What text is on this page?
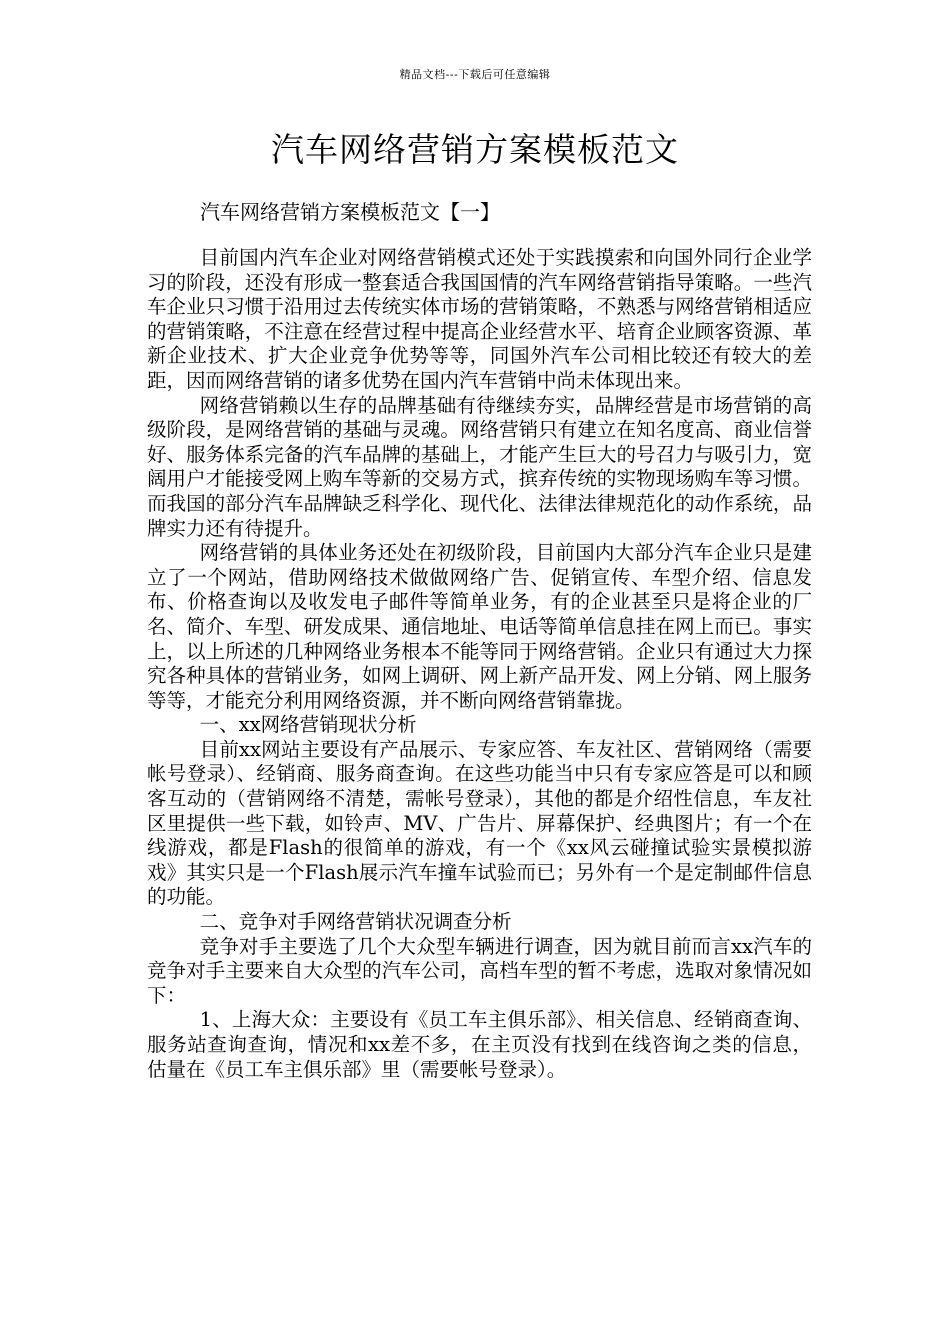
精品文档---下载后可任意编辑
汽车网络营销方案模板范文
汽车网络营销方案模板范文【一】

目前国内汽车企业对网络营销模式还处于实践摸索和向国外同行企业学习的阶段，还没有形成一整套适合我国国情的汽车网络营销指导策略。一些汽车企业只习惯于沿用过去传统实体市场的营销策略，不熟悉与网络营销相适应的营销策略，不注意在经营过程中提高企业经营水平、培育企业顾客资源、革新企业技术、扩大企业竞争优势等等，同国外汽车公司相比较还有较大的差距，因而网络营销的诸多优势在国内汽车营销中尚未体现出来。

网络营销赖以生存的品牌基础有待继续夯实，品牌经营是市场营销的高级阶段，是网络营销的基础与灵魂。网络营销只有建立在知名度高、商业信誉好、服务体系完备的汽车品牌的基础上，才能产生巨大的号召力与吸引力，宽阔用户才能接受网上购车等新的交易方式，摈弃传统的实物现场购车等习惯。而我国的部分汽车品牌缺乏科学化、现代化、法律法律规范化的动作系统，品牌实力还有待提升。

网络营销的具体业务还处在初级阶段，目前国内大部分汽车企业只是建立了一个网站，借助网络技术做做网络广告、促销宣传、车型介绍、信息发布、价格查询以及收发电子邮件等简单业务，有的企业甚至只是将企业的厂名、简介、车型、研发成果、通信地址、电话等简单信息挂在网上而已。事实上，以上所述的几种网络业务根本不能等同于网络营销。企业只有通过大力探究各种具体的营销业务，如网上调研、网上新产品开发、网上分销、网上服务等等，才能充分利用网络资源，并不断向网络营销靠拢。

一、xx网络营销现状分析

目前xx网站主要设有产品展示、专家应答、车友社区、营销网络（需要帐号登录）、经销商、服务商查询。在这些功能当中只有专家应答是可以和顾客互动的（营销网络不清楚，需帐号登录），其他的都是介绍性信息，车友社区里提供一些下载，如铃声、MV、广告片、屏幕保护、经典图片；有一个在线游戏，都是Flash的很简单的游戏，有一个《xx风云碰撞试验实景模拟游戏》其实只是一个Flash展示汽车撞车试验而已；另外有一个是定制邮件信息的功能。

二、竞争对手网络营销状况调查分析

竞争对手主要选了几个大众型车辆进行调查，因为就目前而言xx汽车的竞争对手主要来自大众型的汽车公司，高档车型的暂不考虑，选取对象情况如下：

1、上海大众：主要设有《员工车主俱乐部》、相关信息、经销商查询、服务站查询查询，情况和xx差不多，在主页没有找到在线咨询之类的信息，估量在《员工车主俱乐部》里（需要帐号登录）。
